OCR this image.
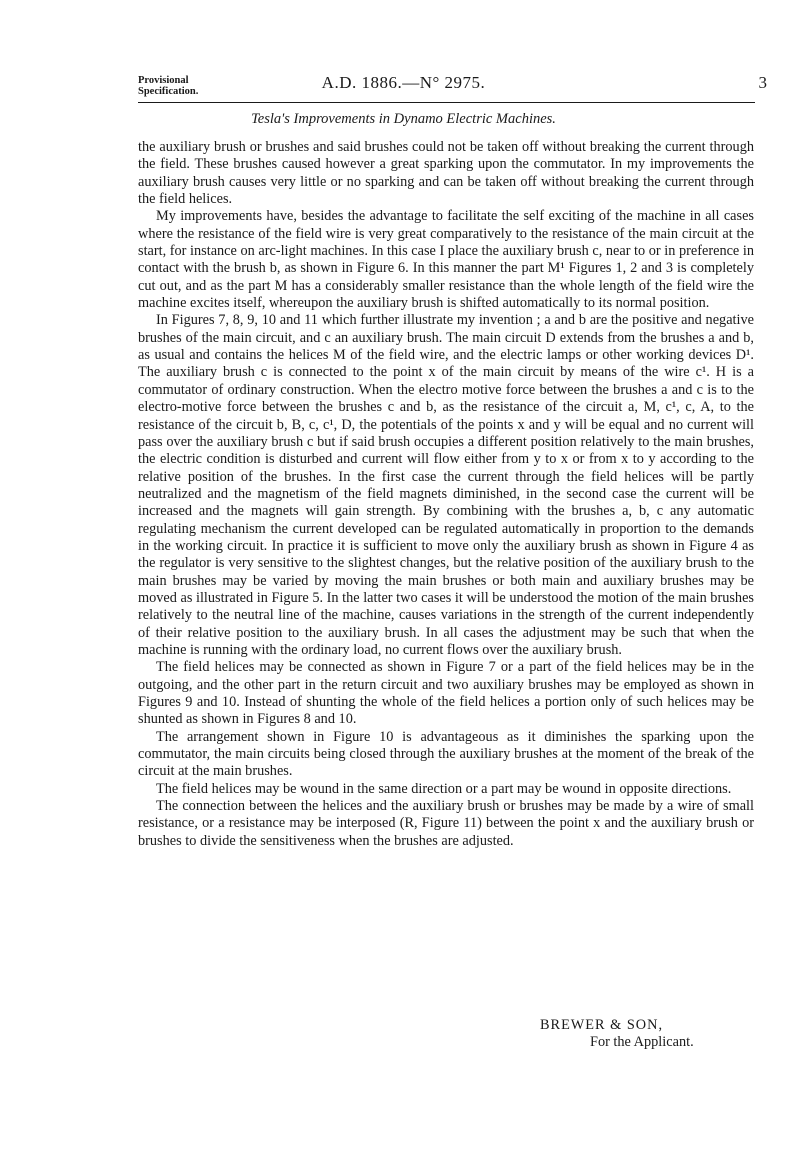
Provisional
Specification.	A.D. 1886.—N° 2975.	3
Tesla's Improvements in Dynamo Electric Machines.

the auxiliary brush or brushes and said brushes could not be taken off without breaking the current through the field. These brushes caused however a great sparking upon the commutator. In my improvements the auxiliary brush causes very little or no sparking and can be taken off without breaking the current through the field helices.

My improvements have, besides the advantage to facilitate the self exciting of the machine in all cases where the resistance of the field wire is very great comparatively to the resistance of the main circuit at the start, for instance on arc-light machines. In this case I place the auxiliary brush c, near to or in preference in contact with the brush b, as shown in Figure 6. In this manner the part M¹ Figures 1, 2 and 3 is completely cut out, and as the part M has a considerably smaller resistance than the whole length of the field wire the machine excites itself, whereupon the auxiliary brush is shifted automatically to its normal position.

In Figures 7, 8, 9, 10 and 11 which further illustrate my invention ; a and b are the positive and negative brushes of the main circuit, and c an auxiliary brush. The main circuit D extends from the brushes a and b, as usual and contains the helices M of the field wire, and the electric lamps or other working devices D¹. The auxiliary brush c is connected to the point x of the main circuit by means of the wire c¹. H is a commutator of ordinary construction. When the electro motive force between the brushes a and c is to the electro-motive force between the brushes c and b, as the resistance of the circuit a, M, c¹, c, A, to the resistance of the circuit b, B, c, c¹, D, the potentials of the points x and y will be equal and no current will pass over the auxiliary brush c but if said brush occupies a different position relatively to the main brushes, the electric condition is disturbed and current will flow either from y to x or from x to y according to the relative position of the brushes. In the first case the current through the field helices will be partly neutralized and the magnetism of the field magnets diminished, in the second case the current will be increased and the magnets will gain strength. By combining with the brushes a, b, c any automatic regulating mechanism the current developed can be regulated automatically in proportion to the demands in the working circuit. In practice it is sufficient to move only the auxiliary brush as shown in Figure 4 as the regulator is very sensitive to the slightest changes, but the relative position of the auxiliary brush to the main brushes may be varied by moving the main brushes or both main and auxiliary brushes may be moved as illustrated in Figure 5. In the latter two cases it will be understood the motion of the main brushes relatively to the neutral line of the machine, causes variations in the strength of the current independently of their relative position to the auxiliary brush. In all cases the adjustment may be such that when the machine is running with the ordinary load, no current flows over the auxiliary brush.

The field helices may be connected as shown in Figure 7 or a part of the field helices may be in the outgoing, and the other part in the return circuit and two auxiliary brushes may be employed as shown in Figures 9 and 10. Instead of shunting the whole of the field helices a portion only of such helices may be shunted as shown in Figures 8 and 10.

The arrangement shown in Figure 10 is advantageous as it diminishes the sparking upon the commutator, the main circuits being closed through the auxiliary brushes at the moment of the break of the circuit at the main brushes.

The field helices may be wound in the same direction or a part may be wound in opposite directions.

The connection between the helices and the auxiliary brush or brushes may be made by a wire of small resistance, or a resistance may be interposed (R, Figure 11) between the point x and the auxiliary brush or brushes to divide the sensitiveness when the brushes are adjusted.

BREWER & SON,
For the Applicant.
